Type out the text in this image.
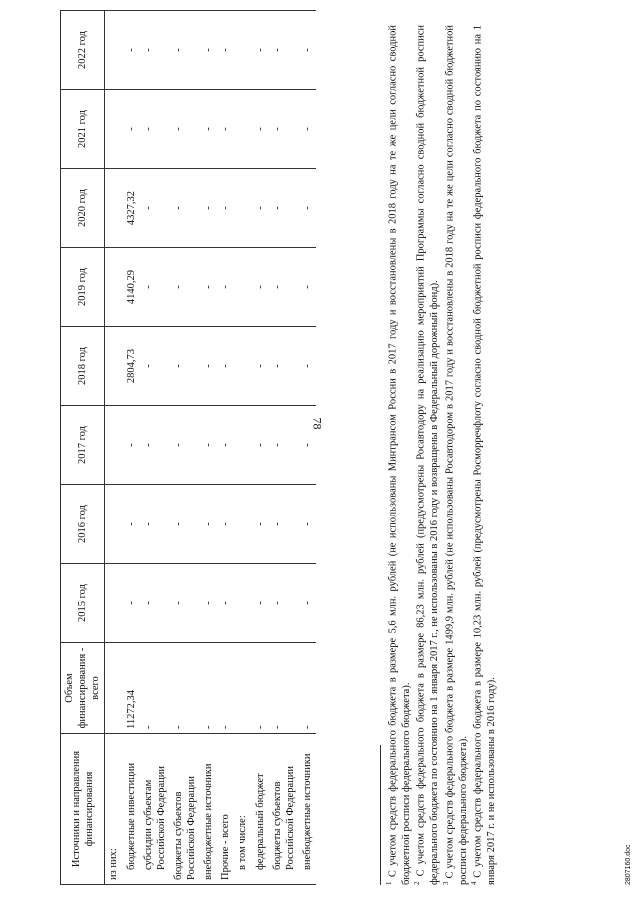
78
Источники и направления финансирования	Объем финансирования - всего	2015 год	2016 год	2017 год	2018 год	2019 год	2020 год	2021 год	2022 год
из них:									
бюджетные инвестиции	11272,34	-	-	-	2804,73	4140,29	4327,32	-	-
субсидии субъектам Российской Федерации	-	-	-	-	-	-	-	-	-
бюджеты субъектов Российской Федерации	-	-	-	-	-	-	-	-	-
внебюджетные источники	-	-	-	-	-	-	-	-	-
Прочие - всего	-	-	-	-	-	-	-	-	-
в том числе:									
федеральный бюджет	-	-	-	-	-	-	-	-	-
бюджеты субъектов Российской Федерации	-	-	-	-	-	-	-	-	-
внебюджетные источники	-	-	-	-	-	-	-	-	-

$^1$ С учетом средств федерального бюджета в размере 5,6 млн. рублей (не использованы Минтрансом России в 2017 году и восстановлены в 2018 году на те же цели согласно сводной бюджетной росписи федерального бюджета). $^2$ С учетом средств федерального бюджета в размере 86,23 млн. рублей (предусмотрены Росавтодору на реализацию мероприятий Программы согласно сводной бюджетной росписи федерального бюджета по состоянию на 1 января 2017 г., не использованы в 2016 году и возвращены в Федеральный дорожный фонд). $^3$ С учетом средств федерального бюджета в размере 1499,9 млн. рублей (не использованы Росавтодором в 2017 году и восстановлены в 2018 году на те же цели согласно сводной бюджетной росписи федерального бюджета). $^4$ С учетом средств федерального бюджета в размере 10,23 млн. рублей (предусмотрены Росморречфлоту согласно сводной бюджетной росписи федерального бюджета по состоянию на 1 января 2017 г. и не использованы в 2016 году).	2807160.doc
